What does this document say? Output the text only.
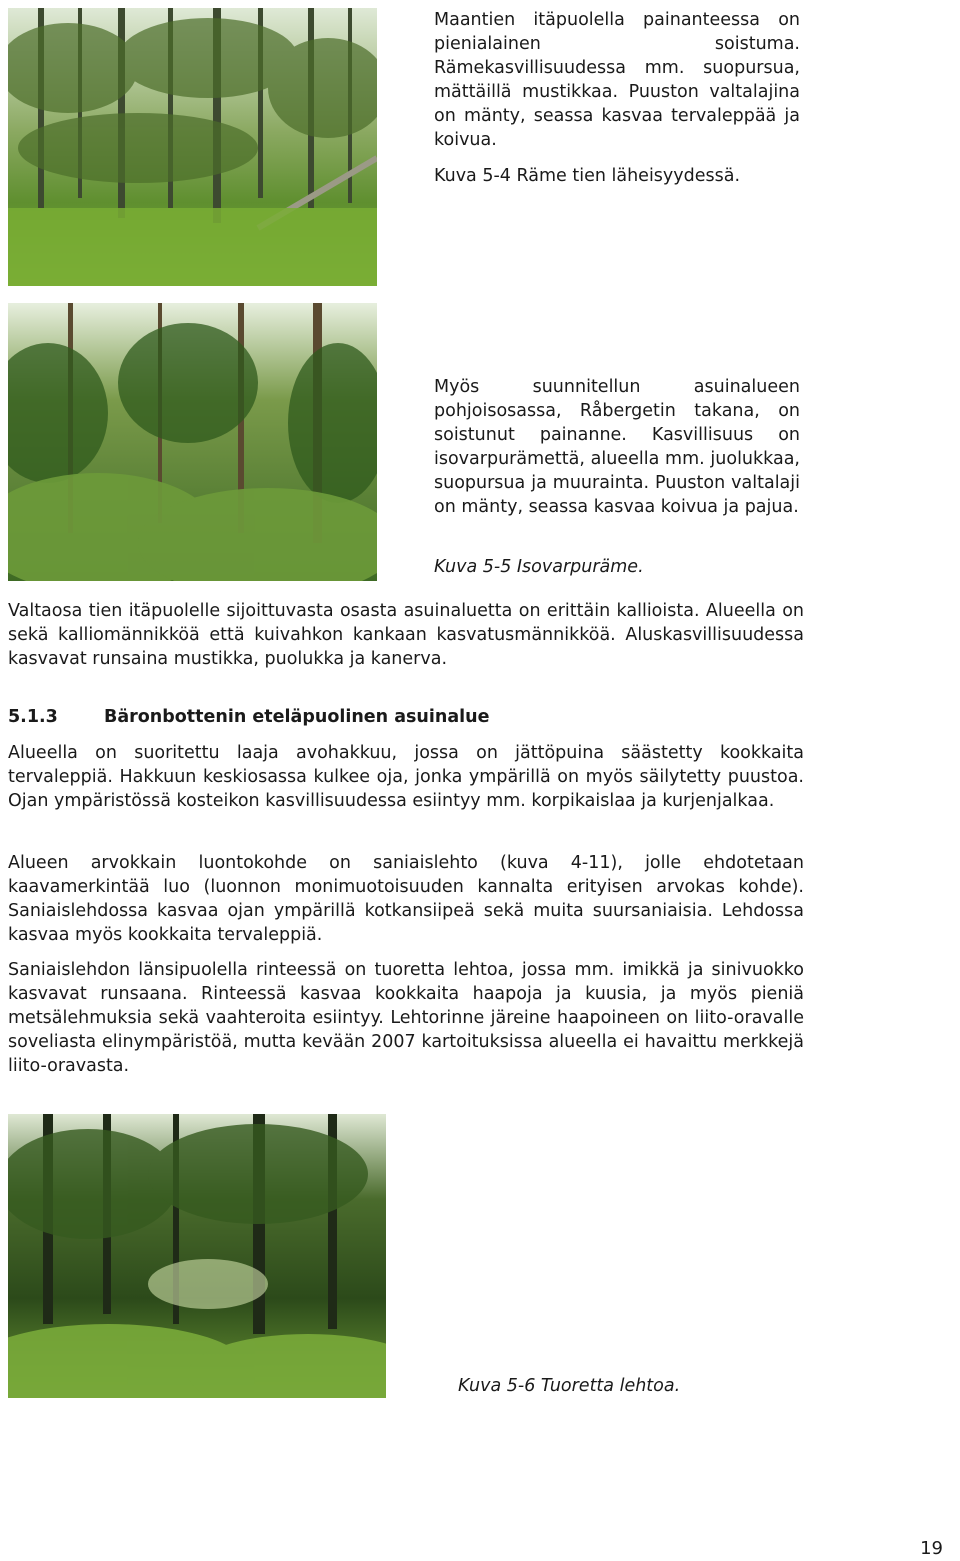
Maantien itäpuolella painanteessa on pienialainen soistuma. Rämekasvillisuudessa mm. suopursua, mättäillä mustikkaa. Puuston valtalajina on mänty, seassa kasvaa tervaleppää ja koivua.

Kuva 5-4 Räme tien läheisyydessä.

Myös suunnitellun asuinalueen pohjoisosassa, Råbergetin takana, on soistunut painanne. Kasvillisuus on isovarpurämettä, alueella mm. juolukkaa, suopursua ja muurainta. Puuston valtalaji on mänty, seassa kasvaa koivua ja pajua.

Kuva 5-5 Isovarpuräme.

Valtaosa tien itäpuolelle sijoittuvasta osasta asuinaluetta on erittäin kallioista. Alueella on sekä kalliomännikköä että kuivahkon kankaan kasvatusmännikköä. Aluskasvillisuudessa kasvavat runsaina mustikka, puolukka ja kanerva.

5.1.3	Bäronbottenin eteläpuolinen asuinalue

Alueella on suoritettu laaja avohakkuu, jossa on jättöpuina säästetty kookkaita tervaleppiä. Hakkuun keskiosassa kulkee oja, jonka ympärillä on myös säilytetty puustoa. Ojan ympäristössä kosteikon kasvillisuudessa esiintyy mm. korpikaislaa ja kurjenjalkaa.

Alueen arvokkain luontokohde on saniaislehto (kuva 4-11), jolle ehdotetaan kaavamerkintää luo (luonnon monimuotoisuuden kannalta erityisen arvokas kohde). Saniaislehdossa kasvaa ojan ympärillä kotkansiipeä sekä muita suursaniaisia. Lehdossa kasvaa myös kookkaita tervaleppiä.

Saniaislehdon länsipuolella rinteessä on tuoretta lehtoa, jossa mm. imikkä ja sinivuokko kasvavat runsaana. Rinteessä kasvaa kookkaita haapoja ja kuusia, ja myös pieniä metsälehmuksia sekä vaahteroita esiintyy. Lehtorinne järeine haapoineen on liito-oravalle soveliasta elinympäristöä, mutta kevään 2007 kartoituksissa alueella ei havaittu merkkejä liito-oravasta.

Kuva 5-6 Tuoretta lehtoa.

19
